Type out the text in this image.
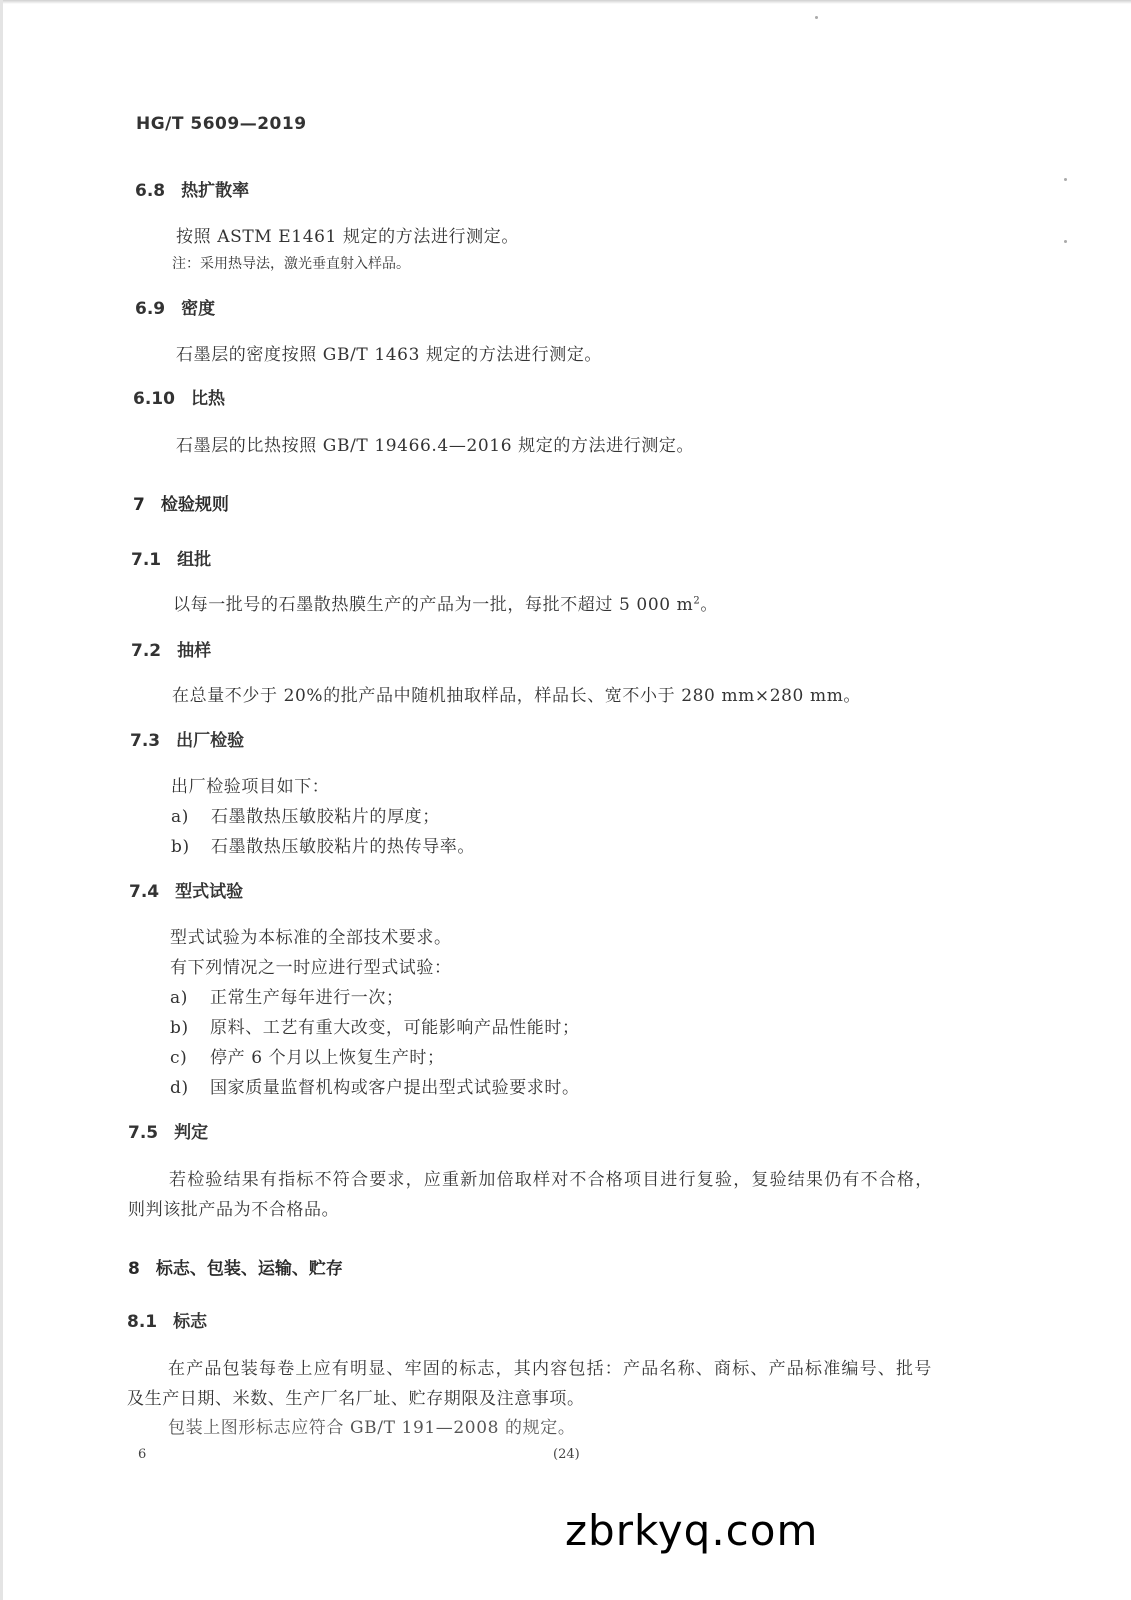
HG/T 5609—2019
6.8 热扩散率
按照 ASTM E1461 规定的方法进行测定。
注：采用热导法，激光垂直射入样品。
6.9 密度
石墨层的密度按照 GB/T 1463 规定的方法进行测定。
6.10 比热
石墨层的比热按照 GB/T 19466.4—2016 规定的方法进行测定。
7 检验规则
7.1 组批
以每一批号的石墨散热膜生产的产品为一批，每批不超过 5 000 $m^2$。
7.2 抽样
在总量不少于 20%的批产品中随机抽取样品，样品长、宽不小于 280 mm×280 mm。
7.3 出厂检验
出厂检验项目如下：
a) 石墨散热压敏胶粘片的厚度；
b) 石墨散热压敏胶粘片的热传导率。
7.4 型式试验
型式试验为本标准的全部技术要求。
有下列情况之一时应进行型式试验：
a) 正常生产每年进行一次；
b) 原料、工艺有重大改变，可能影响产品性能时；
c) 停产 6 个月以上恢复生产时；
d) 国家质量监督机构或客户提出型式试验要求时。
7.5 判定
若检验结果有指标不符合要求，应重新加倍取样对不合格项目进行复验，复验结果仍有不合格，
则判该批产品为不合格品。
8 标志、包装、运输、贮存
8.1 标志
在产品包装每卷上应有明显、牢固的标志，其内容包括：产品名称、商标、产品标准编号、批号
及生产日期、米数、生产厂名厂址、贮存期限及注意事项。
包装上图形标志应符合 GB/T 191—2008 的规定。
6	(24)
zbrkyq.com
